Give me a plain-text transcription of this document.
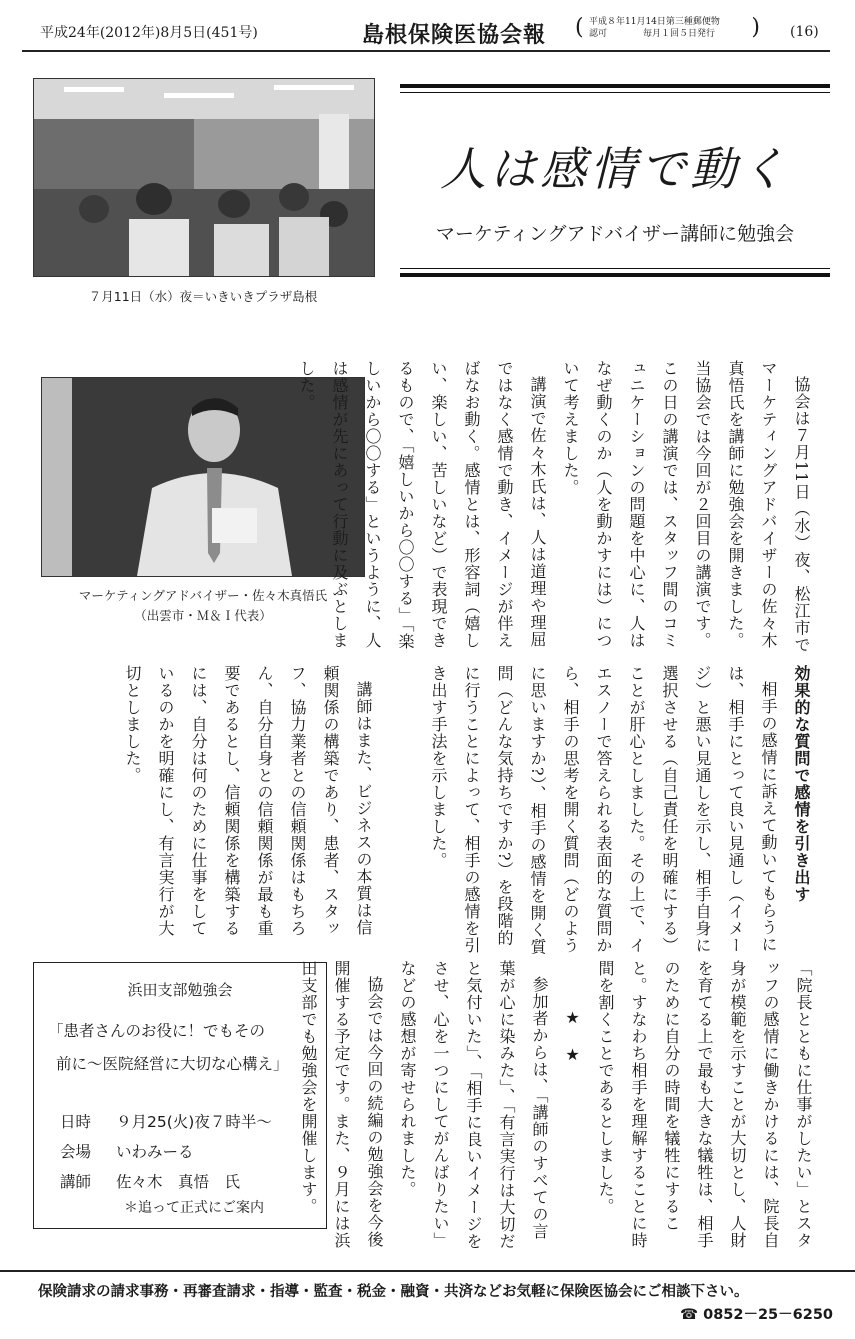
平成24年(2012年)8月5日(451号)	島根保険医協会報 ( 平成８年11月14日第三種郵便物
認可　　　　毎月１回５日発行	) (16)
７月11日（水）夜＝いきいきプラザ島根
マーケティングアドバイザー・佐々木真悟氏
（出雲市・Ｍ＆Ｉ代表）
人は感情で動く
マーケティングアドバイザー講師に勉強会

協会は７月11日（水）夜、松江市でマーケティングアドバイザーの佐々木真悟氏を講師に勉強会を開きました。当協会では今回が２回目の講演です。この日の講演では、スタッフ間のコミュニケーションの問題を中心に、人はなぜ動くのか（人を動かすには）について考えました。

講演で佐々木氏は、人は道理や理屈ではなく感情で動き、イメージが伴えばなお動く。感情とは、形容詞（嬉しい、楽しい、苦しいなど）で表現できるもので、「嬉しいから〇〇する」「楽しいから〇〇する」というように、人は感情が先にあって行動に及ぶとしました。

効果的な質問で感情を引き出す

相手の感情に訴えて動いてもらうには、相手にとって良い見通し（イメージ）と悪い見通しを示し、相手自身に選択させる（自己責任を明確にする）ことが肝心としました。その上で、イエスノーで答えられる表面的な質問から、相手の思考を開く質問（どのように思いますか?）、相手の感情を開く質問（どんな気持ちですか?）を段階的に行うことによって、相手の感情を引き出す手法を示しました。

講師はまた、ビジネスの本質は信頼関係の構築であり、患者、スタッフ、協力業者との信頼関係はもちろん、自分自身との信頼関係が最も重要であるとし、信頼関係を構築するには、自分は何のために仕事をしているのかを明確にし、有言実行が大切としました。

「院長とともに仕事がしたい」とスタッフの感情に働きかけるには、院長自身が模範を示すことが大切とし、人財を育てる上で最も大きな犠牲は、相手のために自分の時間を犠牲にすること。すなわち相手を理解することに時間を割くことであるとしました。

★　★

参加者からは、「講師のすべての言葉が心に染みた」、「有言実行は大切だと気付いた」、「相手に良いイメージをさせ、心を一つにしてがんばりたい」などの感想が寄せられました。

協会では今回の続編の勉強会を今後開催する予定です。また、９月には浜田支部でも勉強会を開催します。

浜田支部勉強会
「患者さんのお役に！でもその
前に～医院経営に大切な心構え」
日時 ９月25(火)夜７時半～
会場 いわみーる
講師 佐々木　真悟　氏
＊追って正式にご案内
保険請求の請求事務・再審査請求・指導・監査・税金・融資・共済などお気軽に保険医協会にご相談下さい。
☎ 0852－25－6250
